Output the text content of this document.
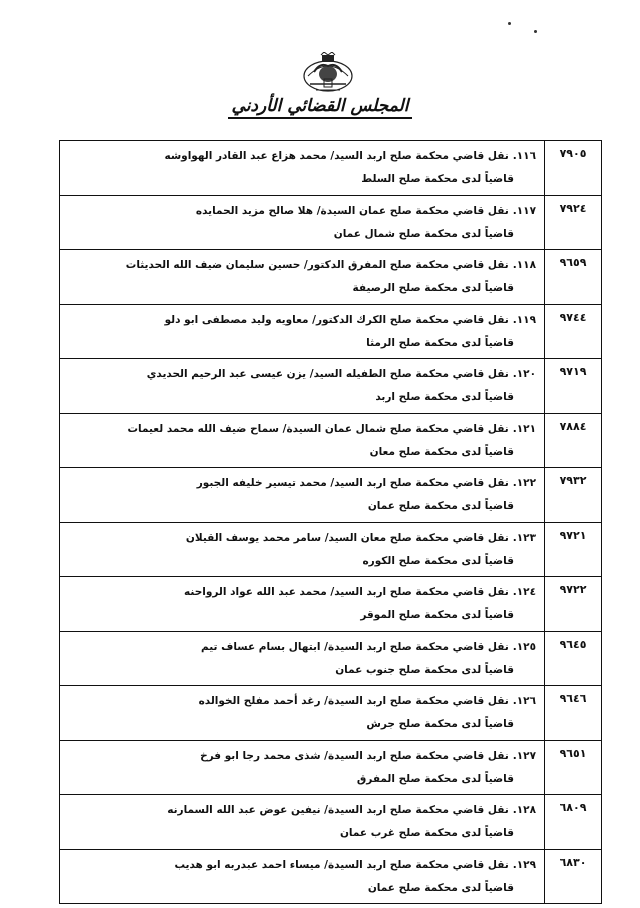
المجلس القضائي الأردني
١١٦.نقل قاضي محكمة صلح اربد السيد/ محمد هزاع عبد القادر الهواوشه
قاضياً لدى محكمة صلح السلط
٧٩٠٥
١١٧.نقل قاضي محكمة صلح عمان السيدة/ هلا صالح مزيد الحمايده
قاضياً لدى محكمة صلح شمال عمان
٧٩٢٤
١١٨.نقل قاضي محكمة صلح المفرق الدكتور/ حسين سليمان ضيف الله الحديثات
قاضياً لدى محكمة صلح الرصيفة
٩٦٥٩
١١٩.نقل قاضي محكمة صلح الكرك الدكتور/ معاويه وليد مصطفى ابو دلو
قاضياً لدى محكمة صلح الرمثا
٩٧٤٤
١٢٠.نقل قاضي محكمة صلح الطفيله السيد/ يزن عيسى عبد الرحيم الحديدي
قاضياً لدى محكمة صلح اربد
٩٧١٩
١٢١.نقل قاضي محكمة صلح شمال عمان السيدة/ سماح ضيف الله محمد لعيمات
قاضياً لدى محكمة صلح معان
٧٨٨٤
١٢٢.نقل قاضي محكمة صلح اربد السيد/ محمد تيسير خليفه الجبور
قاضياً لدى محكمة صلح عمان
٧٩٣٢
١٢٣.نقل قاضي محكمة صلح معان السيد/ سامر محمد يوسف القيلان
قاضياً لدى محكمة صلح الكوره
٩٧٢١
١٢٤.نقل قاضي محكمة صلح اربد السيد/ محمد عبد الله عواد الرواحنه
قاضياً لدى محكمة صلح الموقر
٩٧٢٢
١٢٥.نقل قاضي محكمة صلح اربد السيدة/ ابتهال بسام عساف تيم
قاضياً لدى محكمة صلح جنوب عمان
٩٦٤٥
١٢٦.نقل قاضي محكمة صلح اربد السيدة/ رغد أحمد مفلح الخوالده
قاضياً لدى محكمة صلح جرش
٩٦٤٦
١٢٧.نقل قاضي محكمة صلح اربد السيدة/ شذى محمد رجا ابو فرخ
قاضياً لدى محكمة صلح المفرق
٩٦٥١
١٢٨.نقل قاضي محكمة صلح اربد السيدة/ نيفين عوض عبد الله السمارنه
قاضياً لدى محكمة صلح غرب عمان
٦٨٠٩
١٢٩.نقل قاضي محكمة صلح اربد السيدة/ ميساء احمد عبدربه ابو هديب
قاضياً لدى محكمة صلح عمان
٦٨٣٠
